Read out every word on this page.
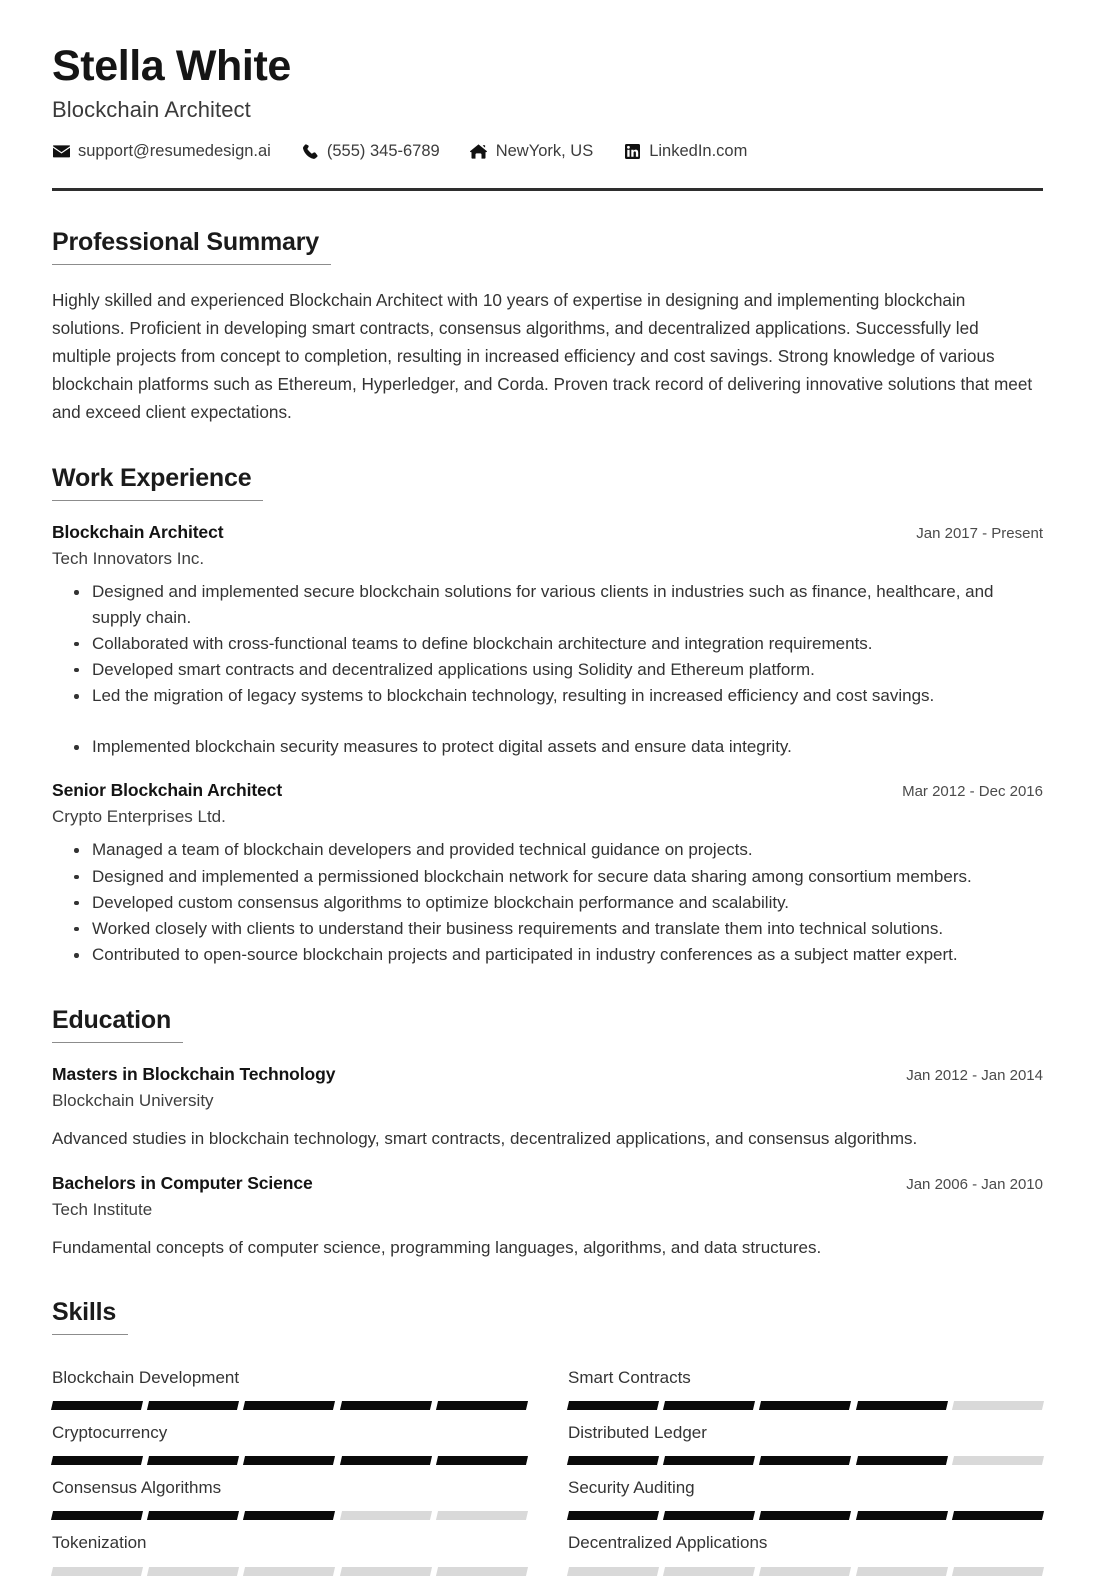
Stella White
Blockchain Architect
support@resumedesign.ai	(555) 345-6789	NewYork, US	LinkedIn.com
Professional Summary

Highly skilled and experienced Blockchain Architect with 10 years of expertise in designing and implementing blockchain solutions. Proficient in developing smart contracts, consensus algorithms, and decentralized applications. Successfully led multiple projects from concept to completion, resulting in increased efficiency and cost savings. Strong knowledge of various blockchain platforms such as Ethereum, Hyperledger, and Corda. Proven track record of delivering innovative solutions that meet and exceed client expectations.

Work Experience
Blockchain Architect	Jan 2017 - Present
Tech Innovators Inc.
Designed and implemented secure blockchain solutions for various clients in industries such as finance, healthcare, and supply chain.
Collaborated with cross-functional teams to define blockchain architecture and integration requirements.
Developed smart contracts and decentralized applications using Solidity and Ethereum platform.
Led the migration of legacy systems to blockchain technology, resulting in increased efficiency and cost savings.
Implemented blockchain security measures to protect digital assets and ensure data integrity.
Senior Blockchain Architect	Mar 2012 - Dec 2016
Crypto Enterprises Ltd.
Managed a team of blockchain developers and provided technical guidance on projects.
Designed and implemented a permissioned blockchain network for secure data sharing among consortium members.
Developed custom consensus algorithms to optimize blockchain performance and scalability.
Worked closely with clients to understand their business requirements and translate them into technical solutions.
Contributed to open-source blockchain projects and participated in industry conferences as a subject matter expert.
Education
Masters in Blockchain Technology	Jan 2012 - Jan 2014
Blockchain University
Advanced studies in blockchain technology, smart contracts, decentralized applications, and consensus algorithms.
Bachelors in Computer Science	Jan 2006 - Jan 2010
Tech Institute
Fundamental concepts of computer science, programming languages, algorithms, and data structures.
Skills
Blockchain Development	Smart Contracts
Cryptocurrency	Distributed Ledger
Consensus Algorithms	Security Auditing
Tokenization	Decentralized Applications
